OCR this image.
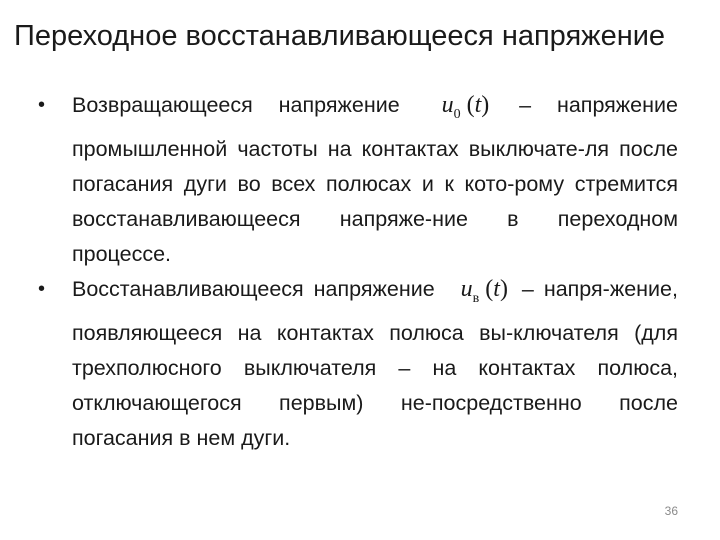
Переходное восстанавливающееся напряжение
• Возвращающееся напряжение $u_0$ (t) – напряжение промышленной частоты на контактах выключате-ля после погасания дуги во всех полюсах и к кото-рому стремится восстанавливающееся напряже-ние в переходном процессе.
• Восстанавливающееся напряжение $u_в$ (t) – напря-жение, появляющееся на контактах полюса вы-ключателя (для трехполюсного выключателя – на контактах полюса, отключающегося первым) не-посредственно после погасания в нем дуги.
36
